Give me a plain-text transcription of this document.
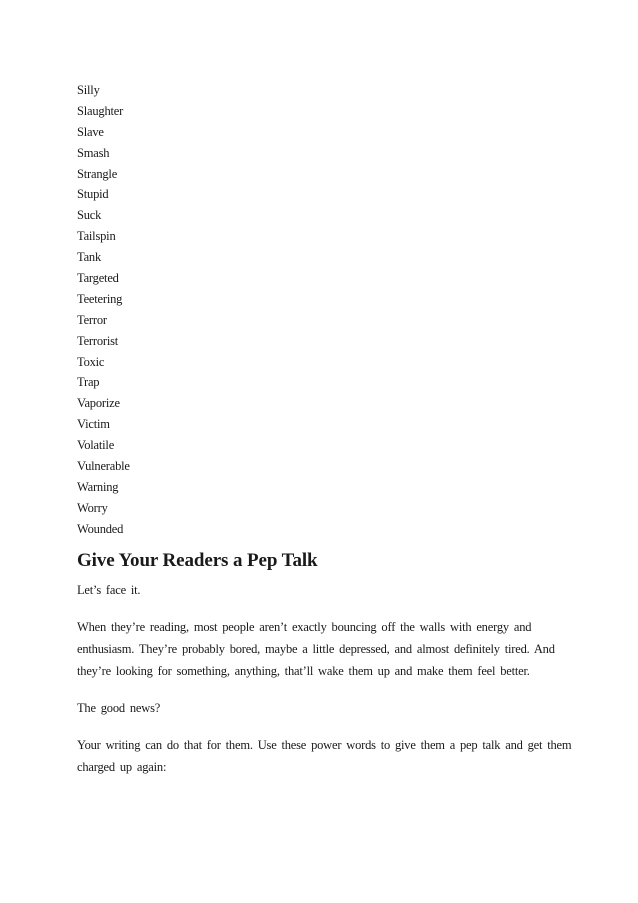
Silly
Slaughter
Slave
Smash
Strangle
Stupid
Suck
Tailspin
Tank
Targeted
Teetering
Terror
Terrorist
Toxic
Trap
Vaporize
Victim
Volatile
Vulnerable
Warning
Worry
Wounded
Give Your Readers a Pep Talk

Let’s face it.

When they’re reading, most people aren’t exactly bouncing off the walls with energy and enthusiasm. They’re probably bored, maybe a little depressed, and almost definitely tired. And they’re looking for something, anything, that’ll wake them up and make them feel better.

The good news?

Your writing can do that for them. Use these power words to give them a pep talk and get them charged up again:
